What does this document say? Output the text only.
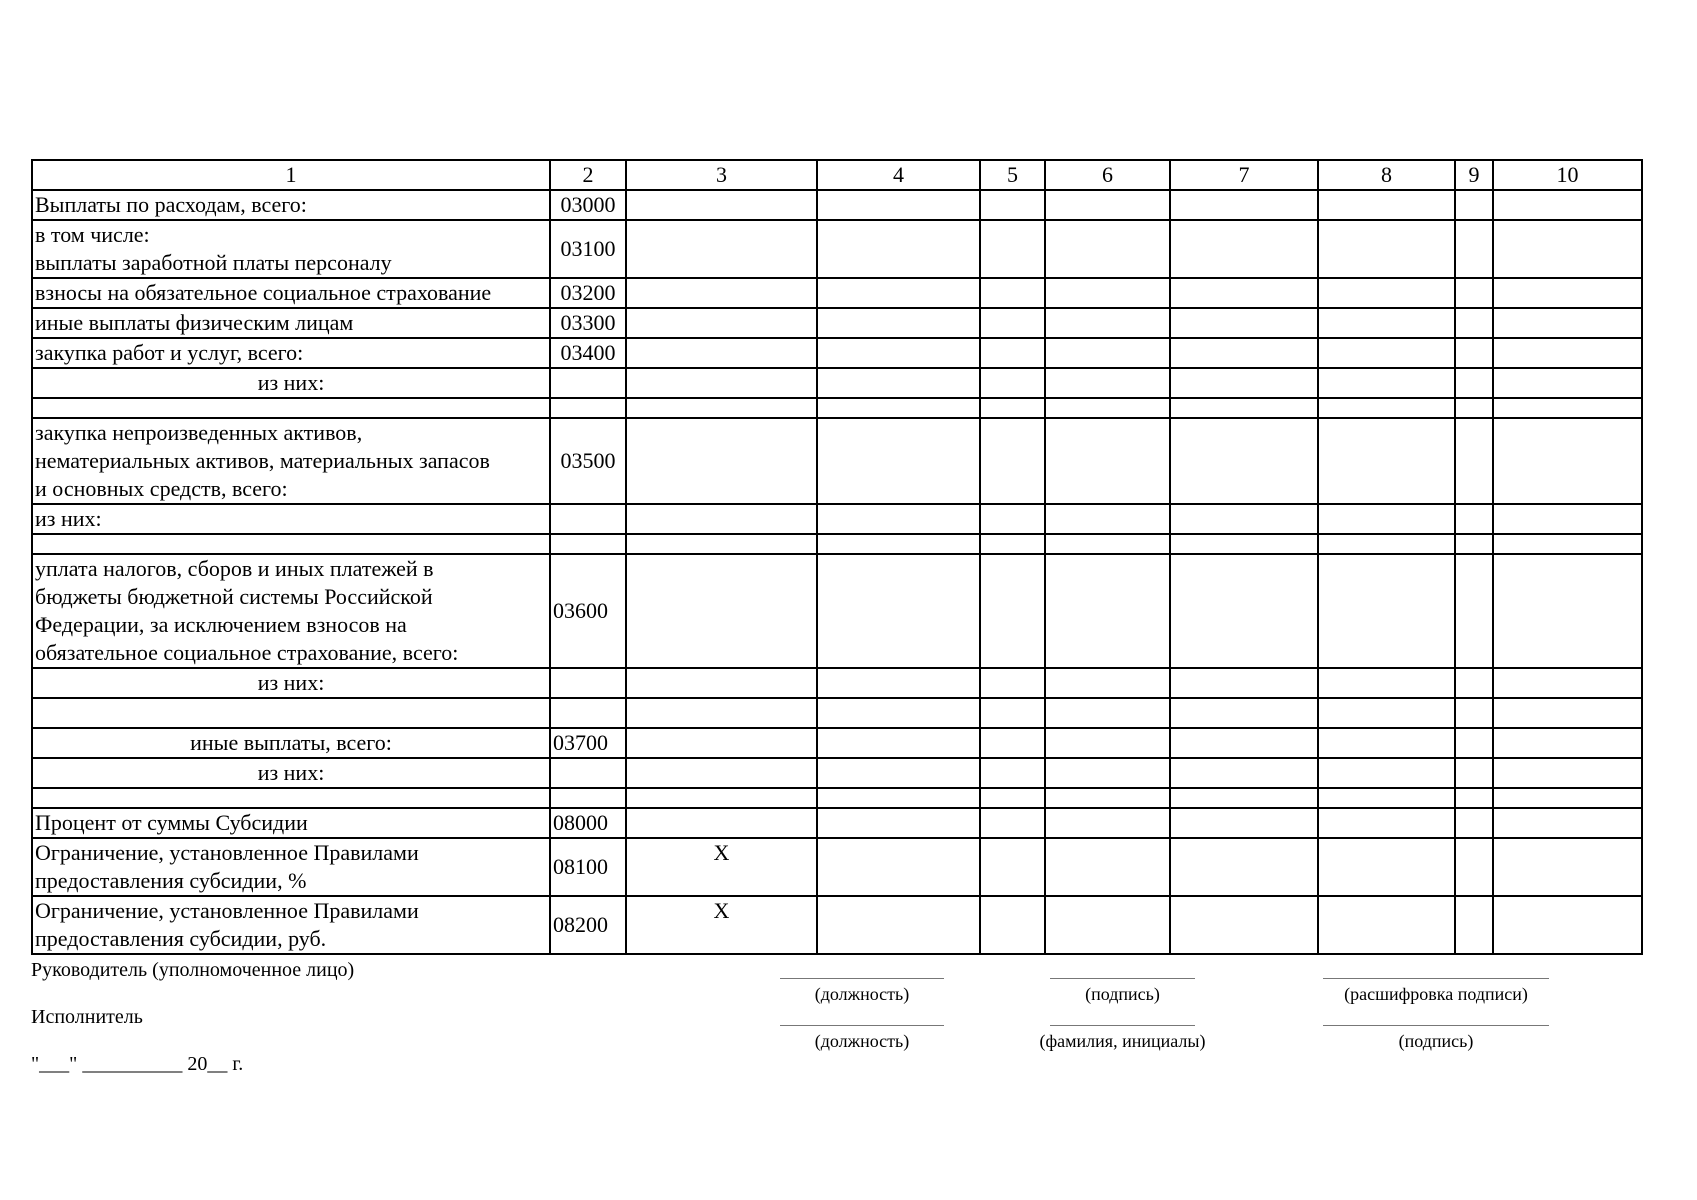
1	2	3	4	5	6	7	8	9	10
Выплаты по расходам, всего:	03000								
в том числе:
выплаты заработной платы персоналу	03100								
взносы на обязательное социальное страхование	03200								
иные выплаты физическим лицам	03300								
закупка работ и услуг, всего:	03400								
из них:									

закупка непроизведенных активов,
нематериальных активов, материальных запасов
и основных средств, всего:	03500								
из них:									

уплата налогов, сборов и иных платежей в
бюджеты бюджетной системы Российской
Федерации, за исключением взносов на
обязательное социальное страхование, всего:	03600								
из них:									

иные выплаты, всего:	03700								
из них:									

Процент от суммы Субсидии	08000								
Ограничение, установленное Правилами
предоставления субсидии, %	08100	X							
Ограничение, установленное Правилами
предоставления субсидии, руб.	08200	X							
Руководитель (уполномоченное лицо)
Исполнитель
"___" __________ 20__ г.
(должность)	(подпись)	(расшифровка подписи)
(должность)	(фамилия, инициалы)	(подпись)
